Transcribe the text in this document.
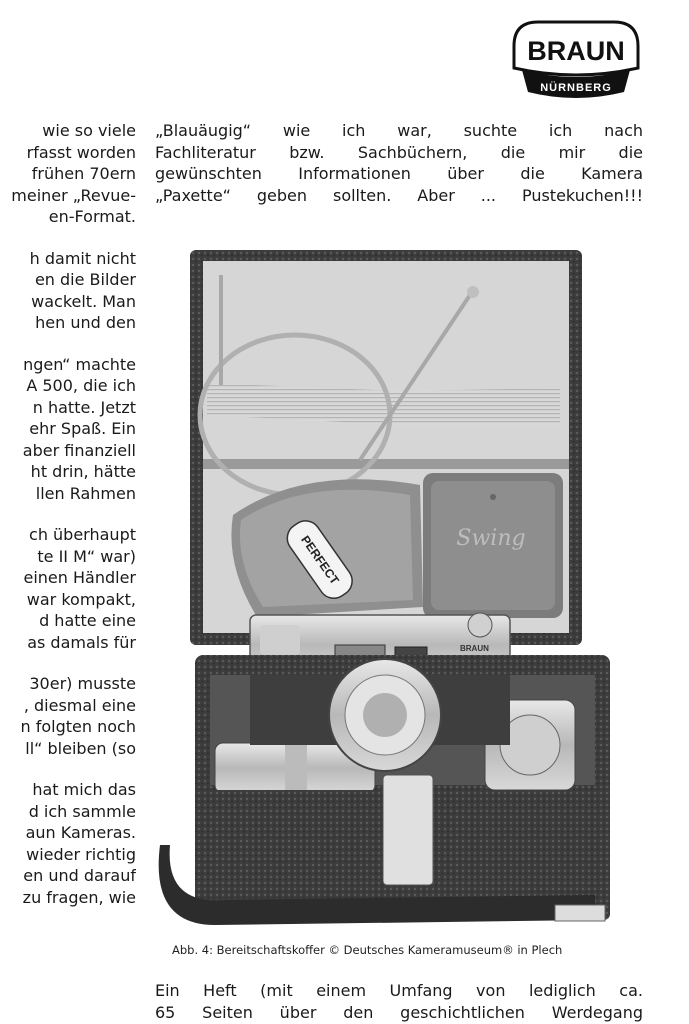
BRAUN
NÜRNBERG
wie so viele
rfasst worden
frühen 70ern
meiner „Revue-
en-Format.
h damit nicht
en die Bilder
wackelt. Man
hen und den
ngen“ machte
A 500, die ich
n hatte. Jetzt
ehr Spaß. Ein
aber finanziell
ht drin, hätte
llen Rahmen
ch überhaupt
te II M“ war)
einen Händler
war kompakt,
d hatte eine
as damals für
30er) musste
, diesmal eine
n folgten noch
ll“ bleiben (so
hat mich das
d ich sammle
aun Kameras.
wieder richtig
en und darauf
zu fragen, wie

„Blauäugig“ wie ich war, suchte ich nach

Fachliteratur bzw. Sachbüchern, die mir die

gewünschten Informationen über die Kamera

„Paxette“ geben sollten. Aber ... Pustekuchen!!!

PERFECT	Swing
BRAUN
Abb. 4: Bereitschaftskoffer © Deutsches Kameramuseum® in Plech

Ein Heft (mit einem Umfang von lediglich ca.

65 Seiten über den geschichtlichen Werdegang
